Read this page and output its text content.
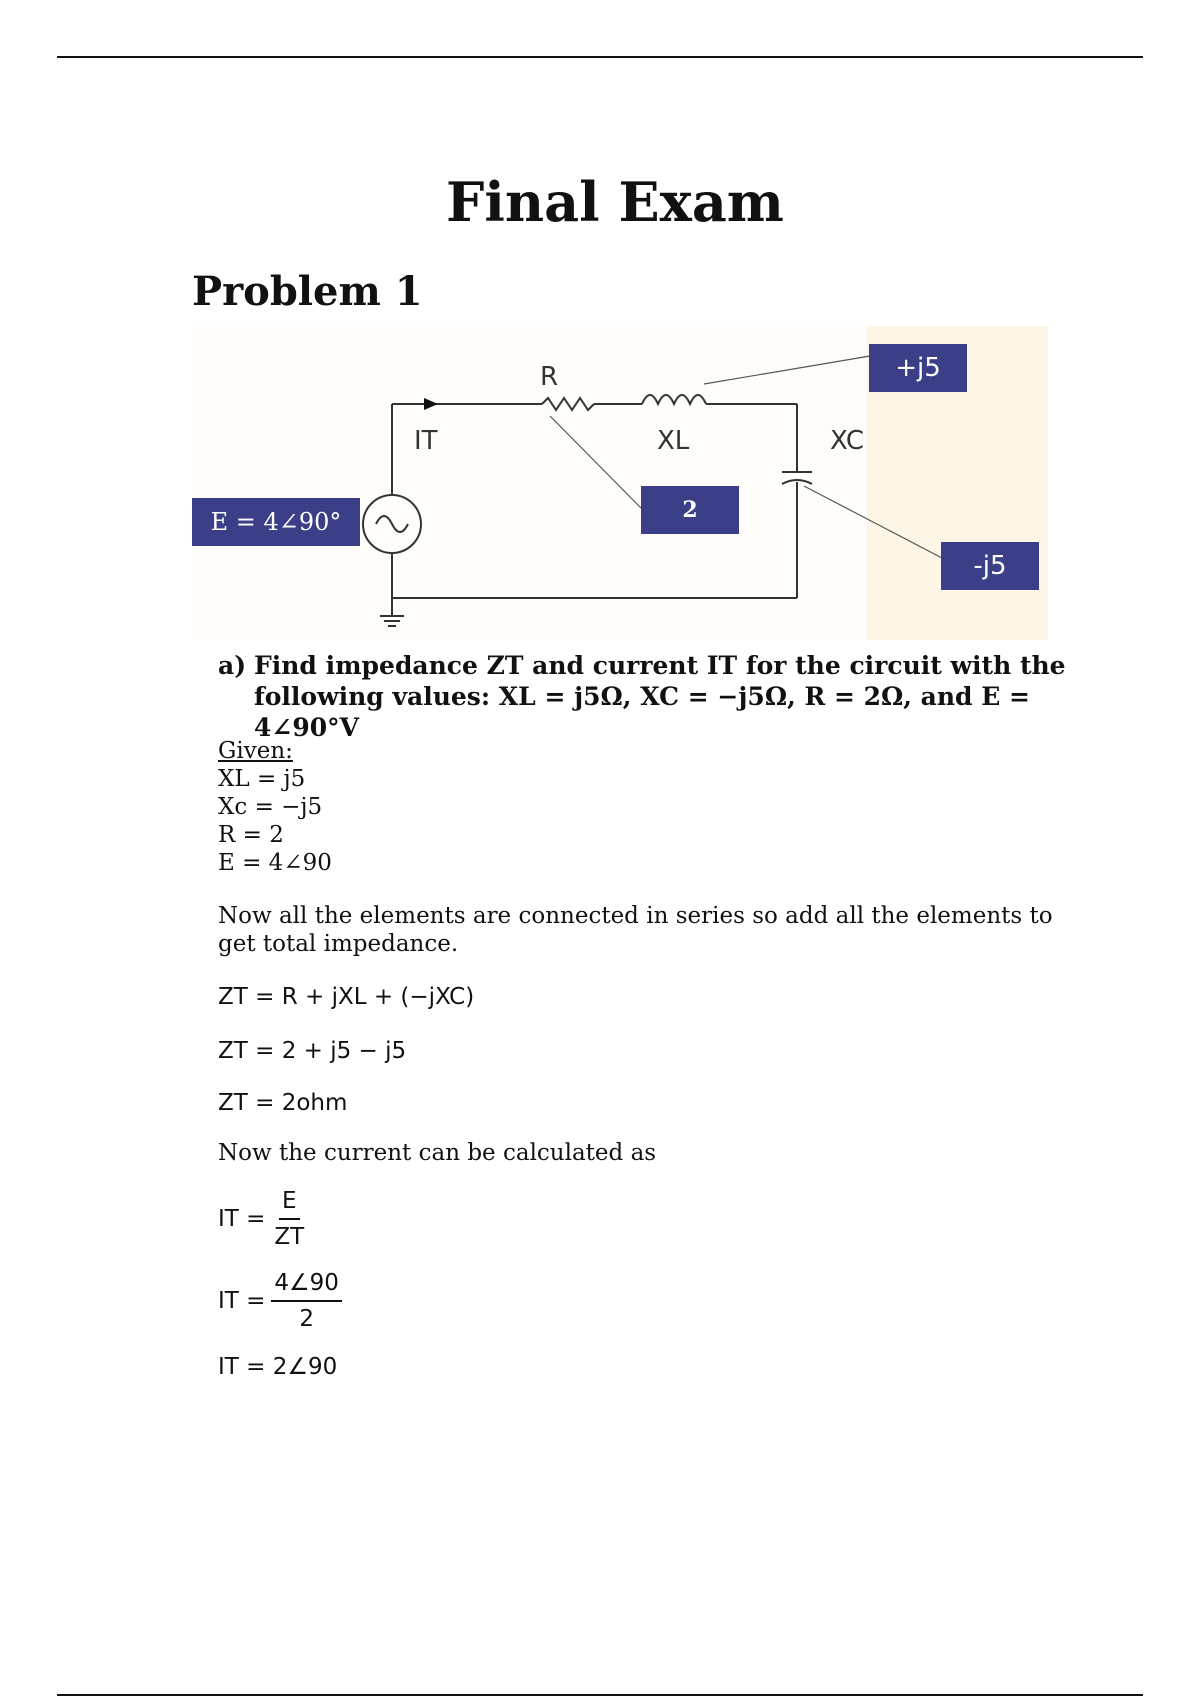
Final Exam
Problem 1
E = 4∠90°
+j5
2
-j5
R
XL	XC
IT
a) Find impedance ZT and current IT for the circuit with the following values: XL = j5Ω, XC = −j5Ω, R = 2Ω, and E = 4∠90°V
Given:
XL = j5
Xc = −j5
R = 2
E = 4∠90

Now all the elements are connected in series so add all the elements to get total impedance.

ZT = R + jXL + (−jXC)
ZT = 2 + j5 − j5
ZT = 2ohm

Now the current can be calculated as

IT = $\frac{E}{ZT}$
IT = $\frac{4\angle 90}{2}$
IT = 2∠90
